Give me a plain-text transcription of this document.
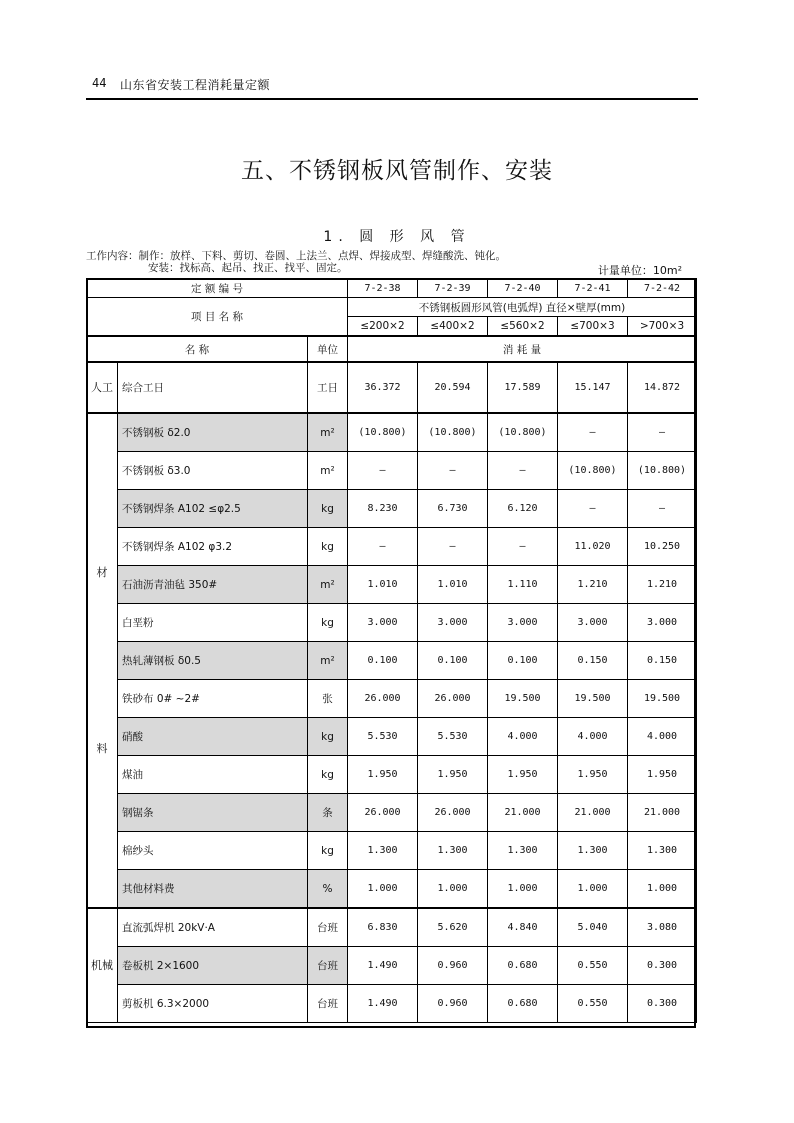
44 山东省安装工程消耗量定额
五、不锈钢板风管制作、安装
1. 圆 形 风 管
工作内容：制作：放样、下料、剪切、卷圆、上法兰、点焊、焊接成型、焊缝酸洗、钝化。
安装：找标高、起吊、找正、找平、固定。	计量单位：10m²
定 额 编 号			7-2-38	7-2-39	7-2-40	7-2-41	7-2-42
项 目 名 称			不锈钢板圆形风管(电弧焊) 直径×壁厚(mm)				
			≤200×2	≤400×2	≤560×2	≤700×3	>700×3
名 称		单位	消 耗 量				

人工	综合工日	工日	36.372	20.594	17.589	15.147	14.872

材
料	不锈钢板 δ2.0	m²	(10.800)	(10.800)	(10.800)	—	—
	不锈钢板 δ3.0	m²	—	—	—	(10.800)	(10.800)
	不锈钢焊条 A102 ≤φ2.5	kg	8.230	6.730	6.120	—	—
	不锈钢焊条 A102 φ3.2	kg	—	—	—	11.020	10.250
	石油沥青油毡 350#	m²	1.010	1.010	1.110	1.210	1.210
	白垩粉	kg	3.000	3.000	3.000	3.000	3.000
	热轧薄钢板 δ0.5	m²	0.100	0.100	0.100	0.150	0.150
	铁砂布 0# ~2#	张	26.000	26.000	19.500	19.500	19.500
	硝酸	kg	5.530	5.530	4.000	4.000	4.000
	煤油	kg	1.950	1.950	1.950	1.950	1.950
	钢锯条	条	26.000	26.000	21.000	21.000	21.000
	棉纱头	kg	1.300	1.300	1.300	1.300	1.300
	其他材料费	%	1.000	1.000	1.000	1.000	1.000

机械	直流弧焊机 20kV·A	台班	6.830	5.620	4.840	5.040	3.080
	卷板机 2×1600	台班	1.490	0.960	0.680	0.550	0.300
	剪板机 6.3×2000	台班	1.490	0.960	0.680	0.550	0.300
